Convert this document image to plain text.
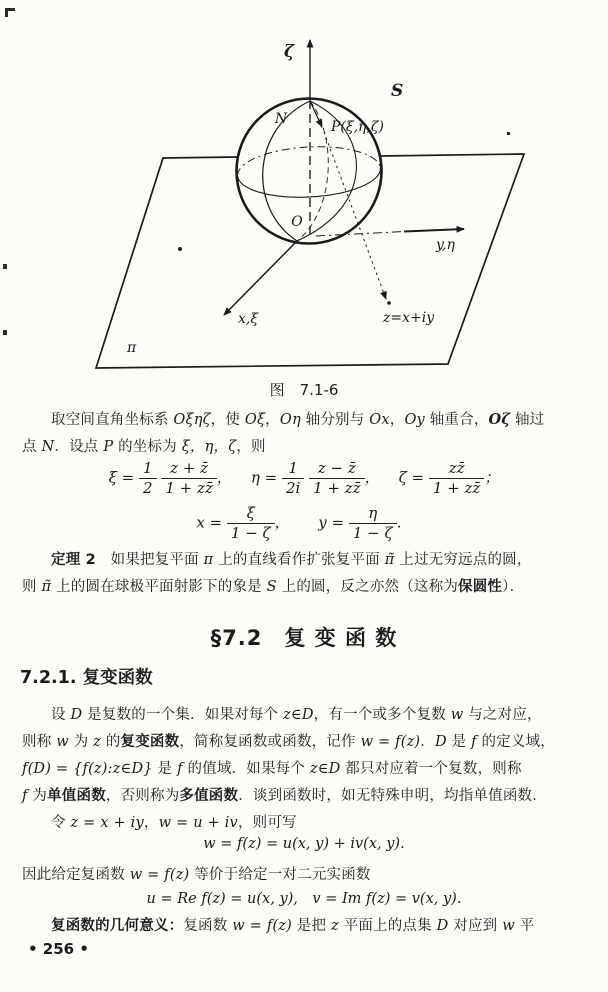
ζ
S
N	P(ξ,η,ζ)
O
y,η
x,ξ	z=x+iy
π
图　7.1-6
取空间直角坐标系 Oξηζ，使 Oξ，Oη 轴分别与 Ox，Oy 轴重合，Oζ 轴过
点 N．设点 P 的坐标为 ξ，η，ζ，则
$\xi = \frac{1}{2}$
$\frac{z + z̄}{1 + zz̄}$ ，    $\eta = \frac{1}{2i}$
$\frac{z - z̄}{1 + zz̄}$ ，    $\zeta = \frac{zz̄}{1 + zz̄}$ ；
$x = \frac{\xi}{1 - \zeta}$ ，      $y = \frac{\eta}{1 - \zeta}$ ．
定理 2　如果把复平面 π 上的直线看作扩张复平面 π̃ 上过无穷远点的圆，
则 π̃ 上的圆在球极平面射影下的象是 S 上的圆，反之亦然（这称为保圆性）．
§7.2　复 变 函 数
7.2.1. 复变函数
设 D 是复数的一个集．如果对每个 z∈D，有一个或多个复数 w 与之对应，
则称 w 为 z 的复变函数，简称复函数或函数，记作 w = f(z)．D 是 f 的定义域，
f(D) = {f(z):z∈D} 是 f 的值域．如果每个 z∈D 都只对应着一个复数，则称
f 为单值函数，否则称为多值函数．谈到函数时，如无特殊申明，均指单值函数．
令 z = x + iy，w = u + iv，则可写
w = f(z) = u(x, y) + iv(x, y).
因此给定复函数 w = f(z) 等价于给定一对二元实函数
u = Re f(z) = u(x, y),　v = Im f(z) = v(x, y).
复函数的几何意义：复函数 w = f(z) 是把 z 平面上的点集 D 对应到 w 平
• 256 •
